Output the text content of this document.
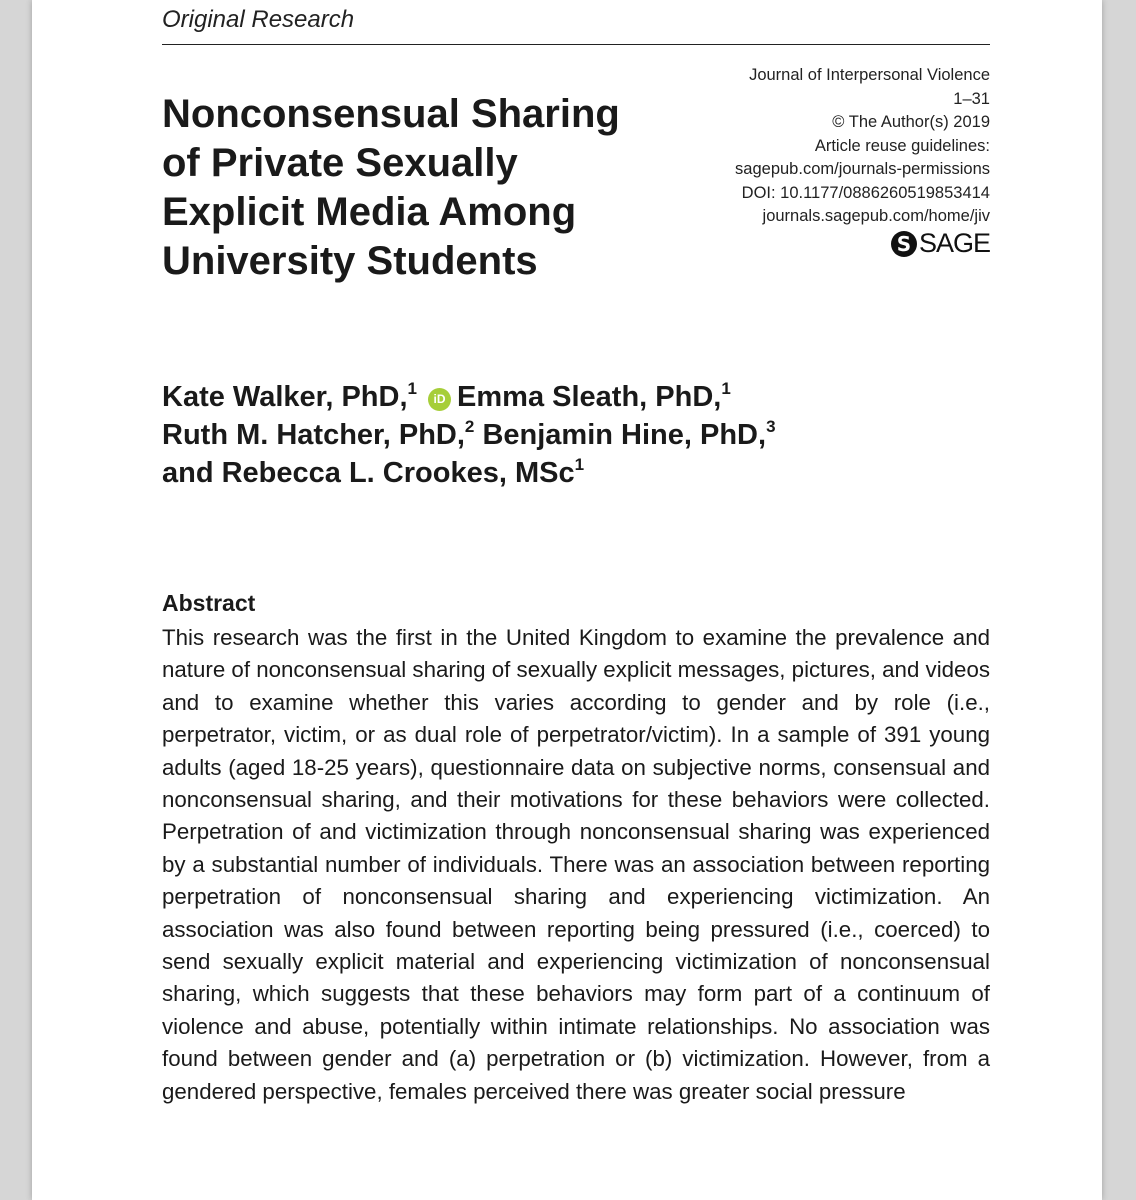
Original Research
Journal of Interpersonal Violence
1–31
© The Author(s) 2019
Article reuse guidelines:
sagepub.com/journals-permissions
DOI: 10.1177/0886260519853414
journals.sagepub.com/home/jiv
S SAGE
Nonconsensual Sharing of Private Sexually Explicit Media Among University Students
Kate Walker, PhD,$^1$ iD Emma Sleath, PhD,$^1$
Ruth M. Hatcher, PhD,$^2$ Benjamin Hine, PhD,$^3$
and Rebecca L. Crookes, MSc$^1$
Abstract

This research was the first in the United Kingdom to examine the prevalence and nature of nonconsensual sharing of sexually explicit messages, pictures, and videos and to examine whether this varies according to gender and by role (i.e., perpetrator, victim, or as dual role of perpetrator/victim). In a sample of 391 young adults (aged 18-25 years), questionnaire data on subjective norms, consensual and nonconsensual sharing, and their motivations for these behaviors were collected. Perpetration of and victimization through nonconsensual sharing was experienced by a substantial number of individuals. There was an association between reporting perpetration of nonconsensual sharing and experiencing victimization. An association was also found between reporting being pressured (i.e., coerced) to send sexually explicit material and experiencing victimization of nonconsensual sharing, which suggests that these behaviors may form part of a continuum of violence and abuse, potentially within intimate relationships. No association was found between gender and (a) perpetration or (b) victimization. However, from a gendered perspective, females perceived there was greater social pressure
